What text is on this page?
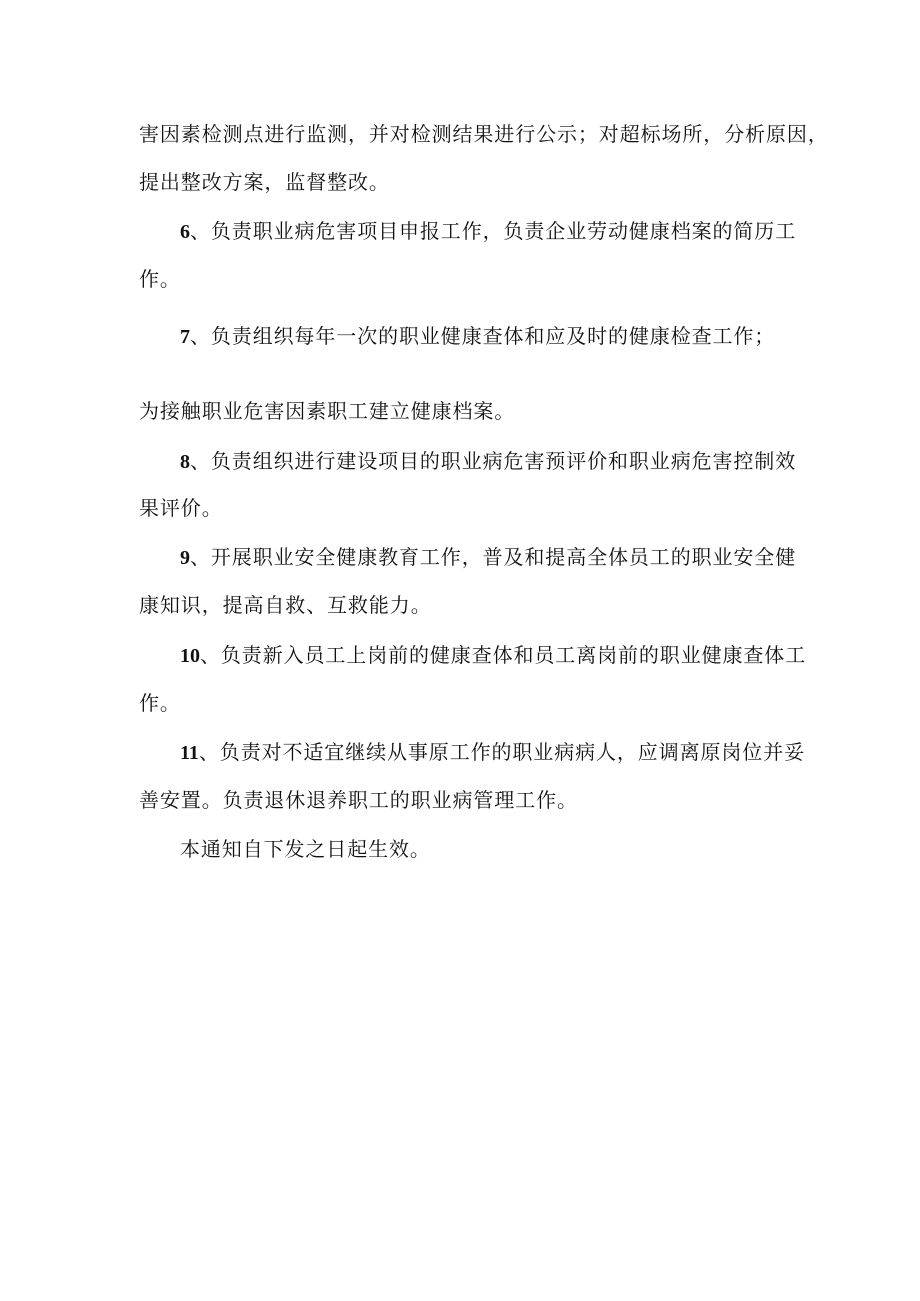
害因素检测点进行监测，并对检测结果进行公示；对超标场所，分析原因，
提出整改方案，监督整改。
6、负责职业病危害项目申报工作，负责企业劳动健康档案的简历工
作。
7、负责组织每年一次的职业健康查体和应及时的健康检查工作；
为接触职业危害因素职工建立健康档案。
8、负责组织进行建设项目的职业病危害预评价和职业病危害控制效
果评价。
9、开展职业安全健康教育工作，普及和提高全体员工的职业安全健
康知识，提高自救、互救能力。
10、负责新入员工上岗前的健康查体和员工离岗前的职业健康查体工
作。
11、负责对不适宜继续从事原工作的职业病病人，应调离原岗位并妥
善安置。负责退休退养职工的职业病管理工作。
本通知自下发之日起生效。
